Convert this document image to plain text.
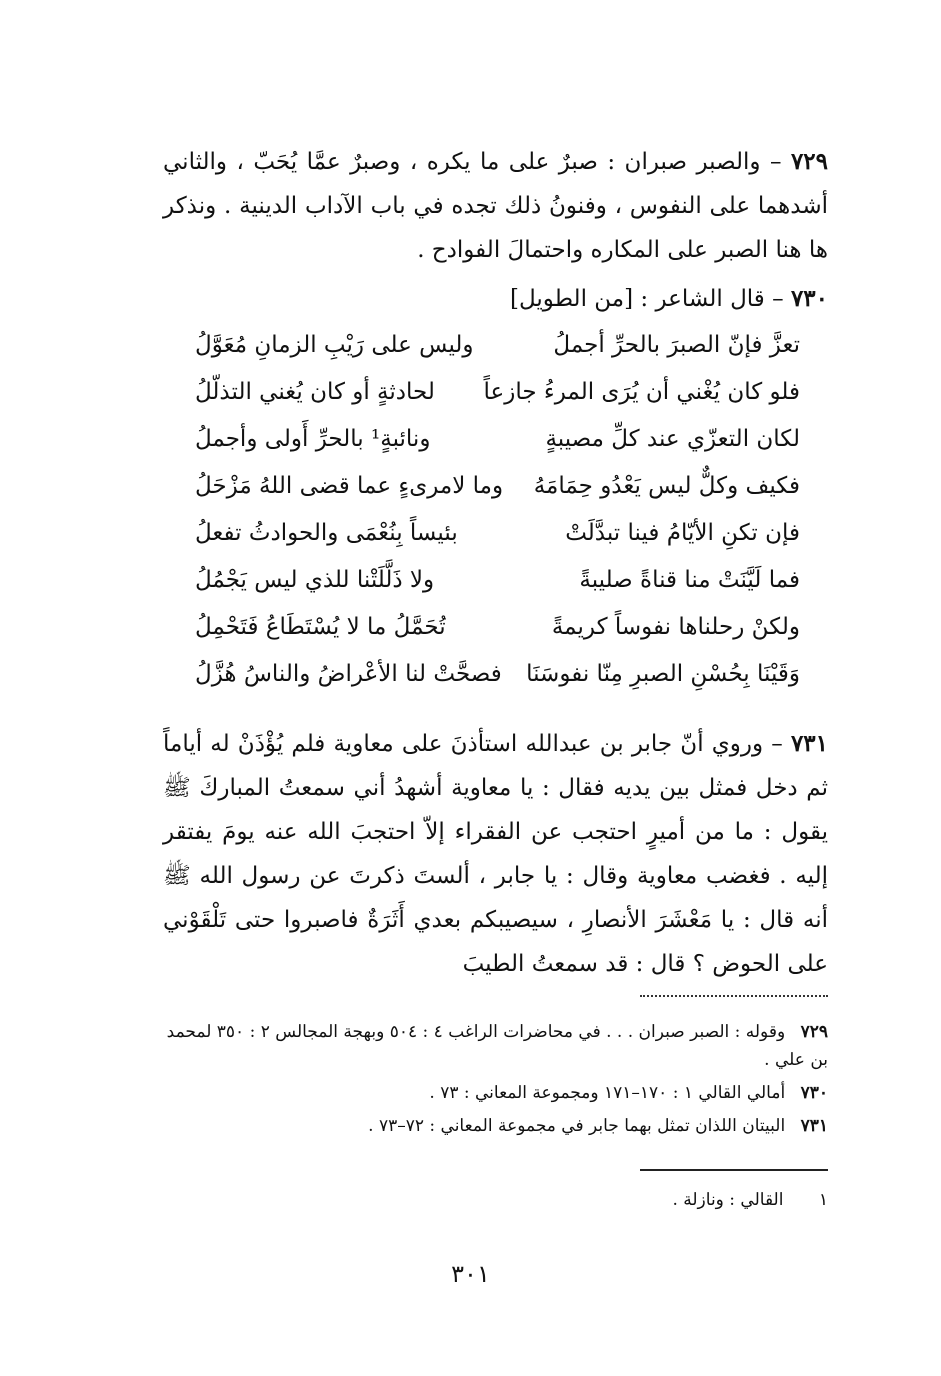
٧٢٩ – والصبر صبران : صبرٌ على ما يكره ، وصبرٌ عمَّا يُحَبّ ، والثاني أشدهما على النفوس ، وفنونُ ذلك تجده في باب الآداب الدينية . ونذكر ها هنا الصبر على المكاره واحتمالَ الفوادح .
٧٣٠ – قال الشاعر : [من الطويل]
تعزَّ فإنّ الصبرَ بالحرِّ أجملُ
وليس على رَيْبِ الزمانِ مُعَوَّلُ
فلو كان يُغْني أن يُرَى المرءُ جازعاً
لحادثةٍ أو كان يُغني التذلّلُ
لكان التعزّي عند كلِّ مصيبةٍ
ونائبةٍ¹ بالحرِّ أَولى وأجملُ
فكيف وكلٌّ ليس يَعْدُو حِمَامَهُ
وما لامرىءٍ عما قضى اللهُ مَزْحَلُ
فإن تكنِ الأيّامُ فينا تبدَّلَتْ
بئيساً بِنُعْمَى والحوادثُ تفعلُ
فما لَيَّنَتْ منا قناةً صليبةً
ولا ذَلَّلَتْنا للذي ليس يَجْمُلُ
ولكنْ رحلناها نفوساً كريمةً
تُحَمَّلُ ما لا يُسْتَطَاعُ فَتَحْمِلُ
وَقَيْنَا بِحُسْنِ الصبرِ مِنّا نفوسَنَا
فصحَّتْ لنا الأعْراضُ والناسُ هُزَّلُ
٧٣١ – وروي أنّ جابر بن عبدالله استأذنَ على معاوية فلم يُؤْذَنْ له أياماً ثم دخل فمثل بين يديه فقال : يا معاوية أشهدُ أني سمعتُ المباركَ ﷺ يقول : ما من أميرٍ احتجب عن الفقراء إلاّ احتجبَ الله عنه يومَ يفتقر إليه . فغضب معاوية وقال : يا جابر ، ألستَ ذكرتَ عن رسول الله ﷺ أنه قال : يا مَعْشَرَ الأنصارِ ، سيصيبكم بعدي أَثَرَةٌ فاصبروا حتى تَلْقَوْني على الحوض ؟ قال : قد سمعتُ الطيبَ
٧٢٩ وقوله : الصبر صبران . . . في محاضرات الراغب ٤ : ٥٠٤ وبهجة المجالس ٢ : ٣٥٠ لمحمد بن علي .
٧٣٠ أمالي القالي ١ : ١٧٠–١٧١ ومجموعة المعاني : ٧٣ .
٧٣١ البيتان اللذان تمثل بهما جابر في مجموعة المعاني : ٧٢–٧٣ .
١ القالي : ونازلة .
٣٠١
